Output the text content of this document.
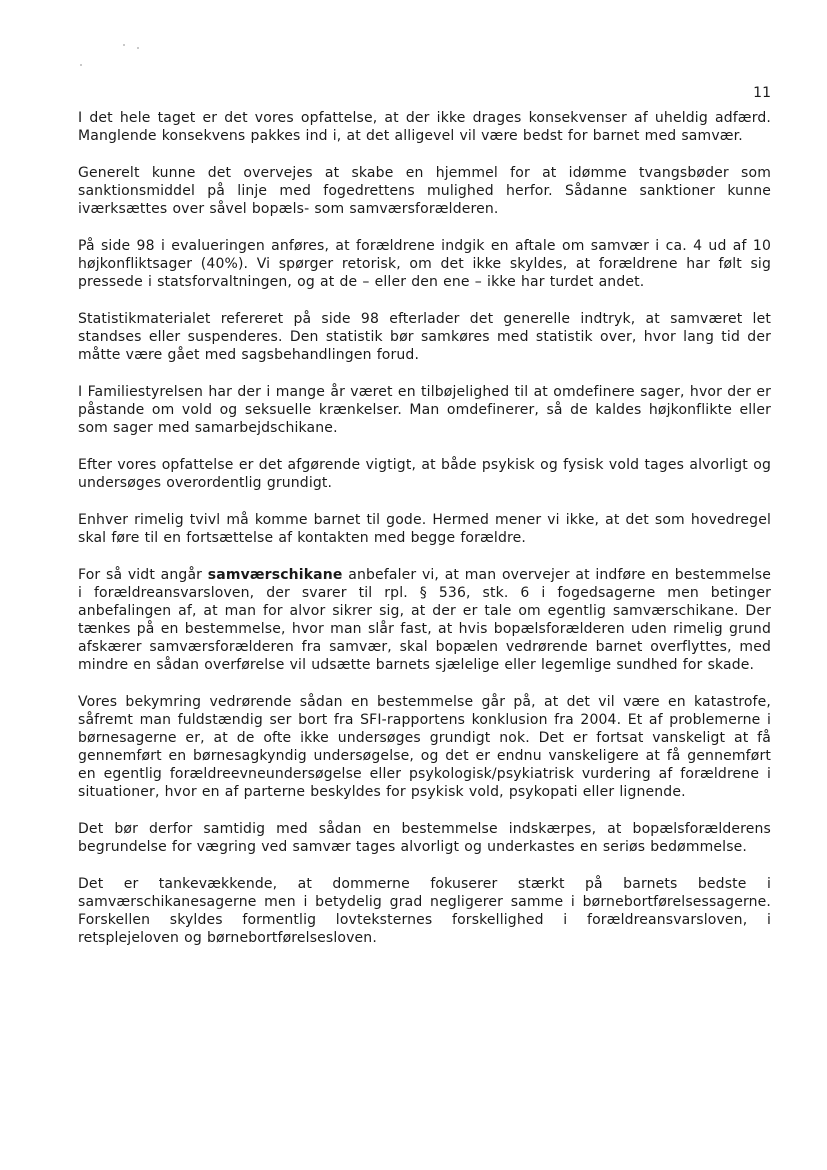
11

I det hele taget er det vores opfattelse, at der ikke drages konsekvenser af uheldig adfærd. Manglende konsekvens pakkes ind i, at det alligevel vil være bedst for barnet med samvær.

Generelt kunne det overvejes at skabe en hjemmel for at idømme tvangsbøder som sanktionsmiddel på linje med fogedrettens mulighed herfor. Sådanne sanktioner kunne iværksættes over såvel bopæls- som samværsforælderen.

På side 98 i evalueringen anføres, at forældrene indgik en aftale om samvær i ca. 4 ud af 10 højkonfliktsager (40%). Vi spørger retorisk, om det ikke skyldes, at forældrene har følt sig pressede i statsforvaltningen, og at de – eller den ene – ikke har turdet andet.

Statistikmaterialet refereret på side 98 efterlader det generelle indtryk, at samværet let standses eller suspenderes. Den statistik bør samkøres med statistik over, hvor lang tid der måtte være gået med sagsbehandlingen forud.

I Familiestyrelsen har der i mange år været en tilbøjelighed til at omdefinere sager, hvor der er påstande om vold og seksuelle krænkelser. Man omdefinerer, så de kaldes højkonflikte eller som sager med samarbejdschikane.

Efter vores opfattelse er det afgørende vigtigt, at både psykisk og fysisk vold tages alvorligt og undersøges overordentlig grundigt.

Enhver rimelig tvivl må komme barnet til gode. Hermed mener vi ikke, at det som hovedregel skal føre til en fortsættelse af kontakten med begge forældre.

For så vidt angår samværschikane anbefaler vi, at man overvejer at indføre en bestemmelse i forældreansvarsloven, der svarer til rpl. § 536, stk. 6 i fogedsagerne men betinger anbefalingen af, at man for alvor sikrer sig, at der er tale om egentlig samværschikane. Der tænkes på en bestemmelse, hvor man slår fast, at hvis bopælsforælderen uden rimelig grund afskærer samværsforælderen fra samvær, skal bopælen vedrørende barnet overflyttes, med mindre en sådan overførelse vil udsætte barnets sjælelige eller legemlige sundhed for skade.

Vores bekymring vedrørende sådan en bestemmelse går på, at det vil være en katastrofe, såfremt man fuldstændig ser bort fra SFI-rapportens konklusion fra 2004. Et af problemerne i børnesagerne er, at de ofte ikke undersøges grundigt nok. Det er fortsat vanskeligt at få gennemført en børnesagkyndig undersøgelse, og det er endnu vanskeligere at få gennemført en egentlig forældreevneundersøgelse eller psykologisk/psykiatrisk vurdering af forældrene i situationer, hvor en af parterne beskyldes for psykisk vold, psykopati eller lignende.

Det bør derfor samtidig med sådan en bestemmelse indskærpes, at bopælsforælderens begrundelse for vægring ved samvær tages alvorligt og underkastes en seriøs bedømmelse.

Det er tankevækkende, at dommerne fokuserer stærkt på barnets bedste i samværschikanesagerne men i betydelig grad negligerer samme i børnebortførelsessagerne. Forskellen skyldes formentlig lovteksternes forskellighed i forældreansvarsloven, i retsplejeloven og børnebortførelsesloven.
